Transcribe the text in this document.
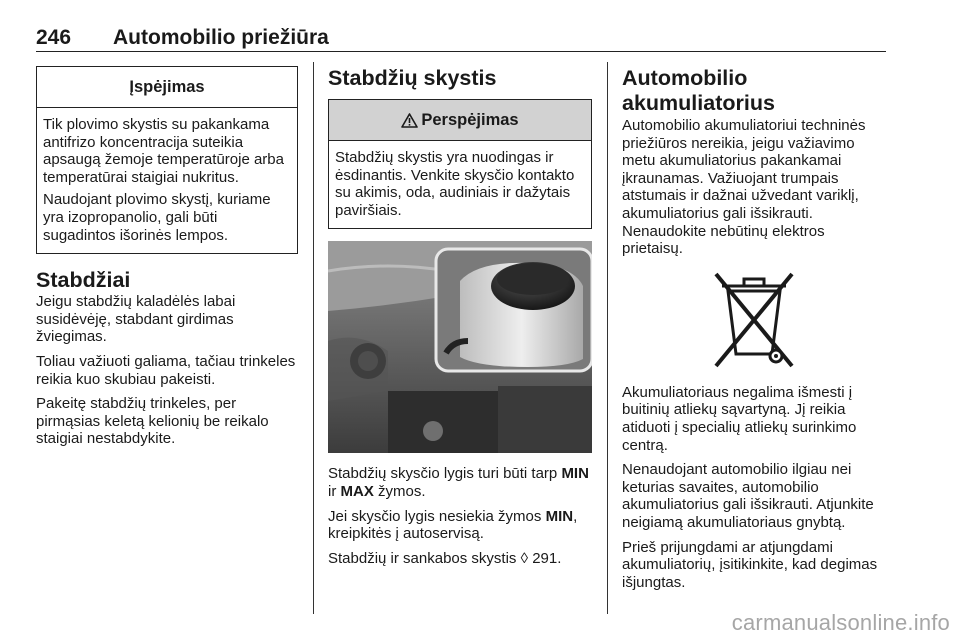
246 Automobilio priežiūra
Įspėjimas

Tik plovimo skystis su pakankama antifrizo koncentracija suteikia apsaugą žemoje temperatūroje arba temperatūrai staigiai nukritus.

Naudojant plovimo skystį, kuriame yra izopropanolio, gali būti sugadintos išorinės lempos.

Stabdžiai

Jeigu stabdžių kaladėlės labai susidėvėję, stabdant girdimas žviegimas.

Toliau važiuoti galiama, tačiau trinkeles reikia kuo skubiau pakeisti.

Pakeitę stabdžių trinkeles, per pirmąsias keletą kelionių be reikalo staigiai nestabdykite.

Stabdžių skystis
Perspėjimas

Stabdžių skystis yra nuodingas ir ėsdinantis. Venkite skysčio kontakto su akimis, oda, audiniais ir dažytais paviršiais.

Stabdžių skysčio lygis turi būti tarp MIN ir MAX žymos.

Jei skysčio lygis nesiekia žymos MIN, kreipkitės į autoservisą.

Stabdžių ir sankabos skystis ◊ 291.

Automobilio akumuliatorius

Automobilio akumuliatoriui techninės priežiūros nereikia, jeigu važiavimo metu akumuliatorius pakankamai įkraunamas. Važiuojant trumpais atstumais ir dažnai užvedant variklį, akumuliatorius gali išsikrauti. Nenaudokite nebūtinų elektros prietaisų.

Akumuliatoriaus negalima išmesti į buitinių atliekų sąvartyną. Jį reikia atiduoti į specialių atliekų surinkimo centrą.

Nenaudojant automobilio ilgiau nei keturias savaites, automobilio akumuliatorius gali išsikrauti. Atjunkite neigiamą akumuliatoriaus gnybtą.

Prieš prijungdami ar atjungdami akumuliatorių, įsitikinkite, kad degimas išjungtas.

carmanualsonline.info
